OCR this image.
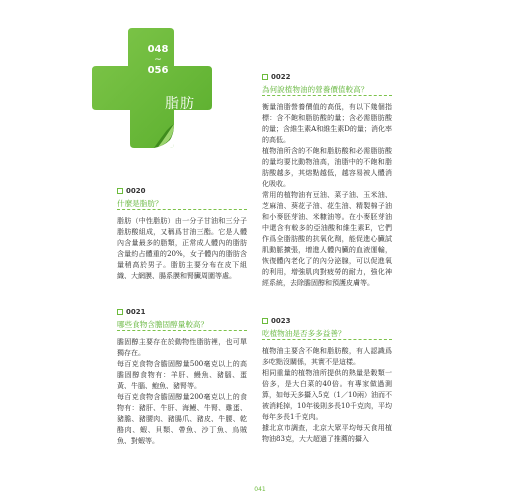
048
~
056
脂肪
0020
什麼是脂肪？

脂肪（中性脂肪）由一分子甘油和三分子脂肪酸組成，又稱爲甘油三酯。它是人體內含量最多的脂類，正常成人體內的脂肪含量約占體重的20%，女子體內的脂肪含量稍高於男子。脂肪主要分布在皮下組織、大網膜、腸系膜和腎臟周圍等處。

0021
哪些食物含膽固醇量較高？

膽固醇主要存在於動物性脂肪裡，也可單獨存在。

每百克食物含膽固醇量500毫克以上的高膽固醇食物有：羊肝、鰻魚、豬腦、蛋黃、牛腦、鮑魚、豬腎等。

每百克食物含膽固醇量200毫克以上的食物有：豬肝、牛肝、海鰻、牛腎、雞蛋、豬膽、豬腰肉、豬腸爪、豬皮、牛腰、乾酪肉、蝦、貝類、帶魚、沙丁魚、烏賊魚、對蝦等。

0022
為何說植物油的營養價值較高？

衡量油脂營養價值的高低，有以下幾個指標：含不飽和脂肪酸的量；含必需脂肪酸的量；含維生素A和維生素D的量；消化率的高低。

植物油所含的不飽和脂肪酸和必需脂肪酸的量均要比動物油高，油脂中的不飽和脂肪酸越多，其熔點越低，越容易被人體消化吸收。

常用的植物油有豆油、菜子油、玉米油、芝麻油、葵花子油、花生油、精製棉子油和小麥胚芽油、米糠油等。在小麥胚芽油中還含有較多的亞油酸和維生素E，它們作爲全脂肪酸的抗氧化劑，能促進心臟試肌動脈擴張，增進人體內臟的血液運輸，恢復體內老化了的內分泌腺，可以促進氧的利用，增強肌肉對疲勞的耐力，強化神經系統，去除膽固醇和預護皮膚等。

0023
吃植物油是否多多益善？

植物油主要含不飽和脂肪酸，有人認識爲多吃點沒關係，其實不是這樣。

相同重量的植物油所提供的熱量是穀類一倍多，是大白菜的40倍。有專家做過測算，如每天多攝入5克（1／10兩）油而不被消耗掉，10年後則多長10千克肉，平均每年多長1千克肉。

據北京市調查，北京大眾平均每天食用植物油83克，大大超過了推薦的攝入

041
